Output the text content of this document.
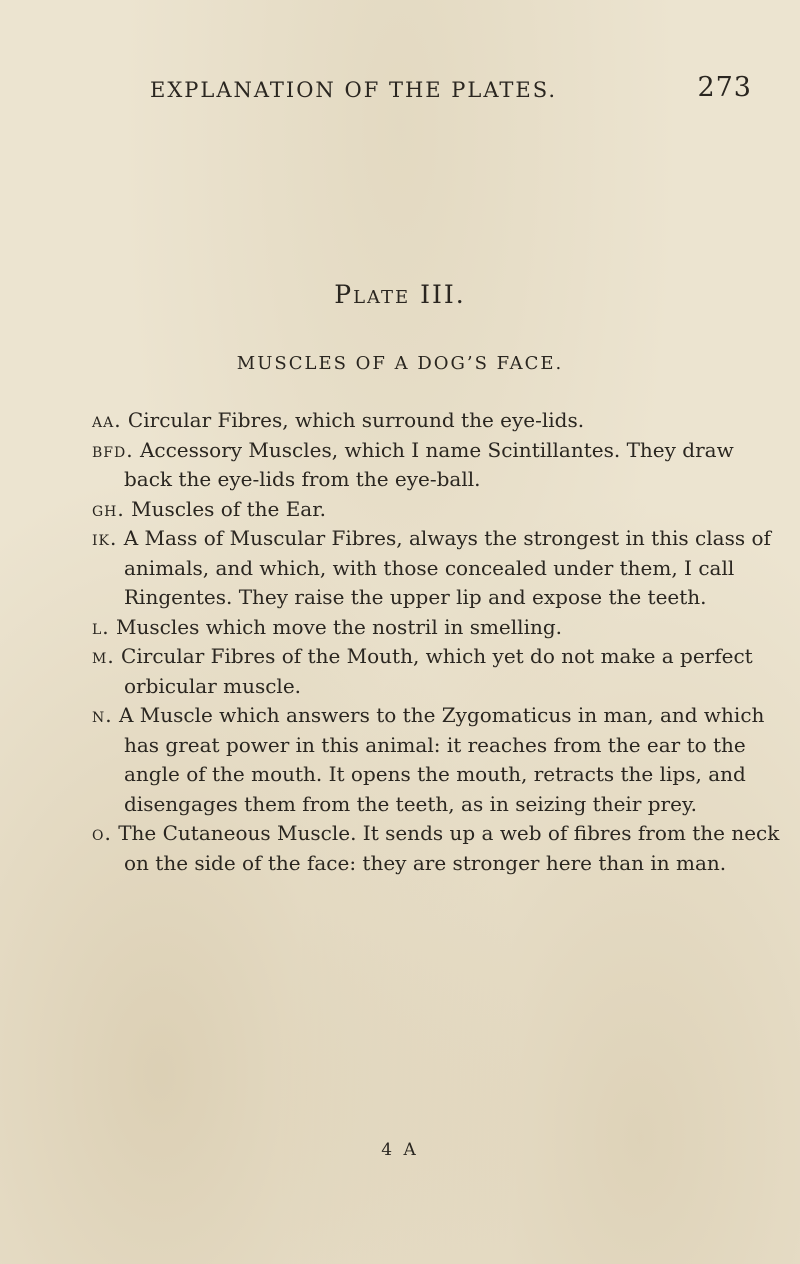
EXPLANATION OF THE PLATES.	273
Plate III.
MUSCLES OF A DOG’S FACE.

aa. Circular Fibres, which surround the eye-lids.

bfd. Accessory Muscles, which I name Scintillantes. They draw back the eye-lids from the eye-ball.

gh. Muscles of the Ear.

ik. A Mass of Muscular Fibres, always the strongest in this class of animals, and which, with those concealed under them, I call Ringentes. They raise the upper lip and expose the teeth.

l. Muscles which move the nostril in smelling.

m. Circular Fibres of the Mouth, which yet do not make a perfect orbicular muscle.

n. A Muscle which answers to the Zygomaticus in man, and which has great power in this animal: it reaches from the ear to the angle of the mouth. It opens the mouth, retracts the lips, and disengages them from the teeth, as in seizing their prey.

o. The Cutaneous Muscle. It sends up a web of fibres from the neck on the side of the face: they are stronger here than in man.

4 A
